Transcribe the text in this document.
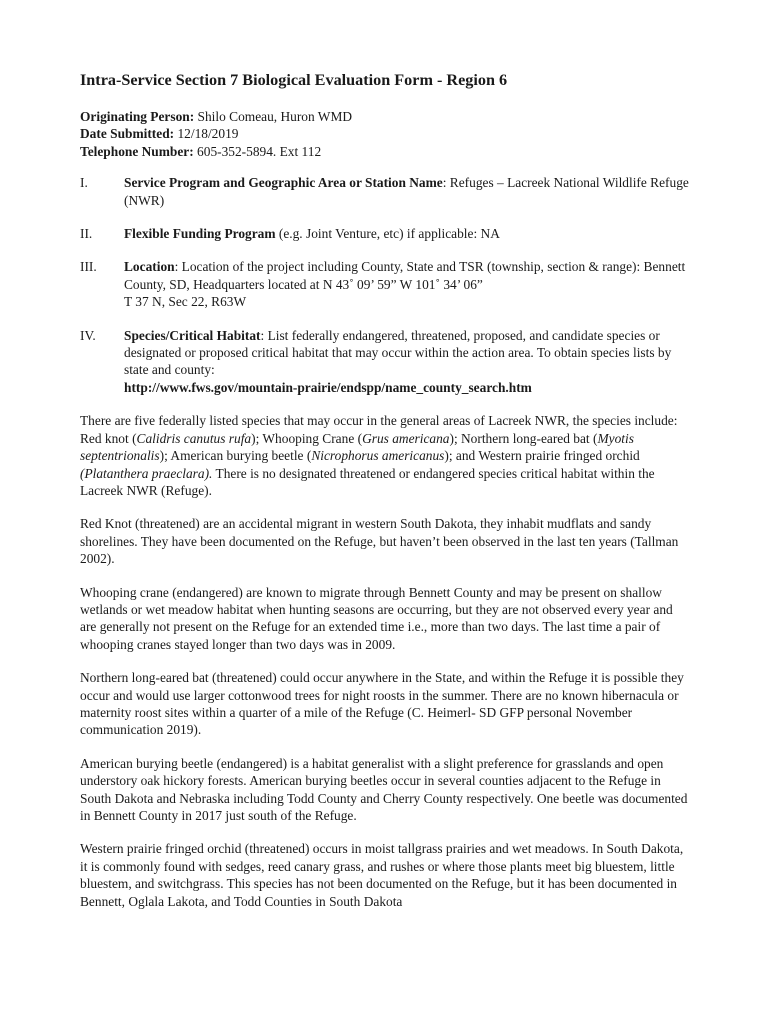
Intra-Service Section 7 Biological Evaluation Form - Region 6
Originating Person: Shilo Comeau, Huron WMD
Date Submitted: 12/18/2019
Telephone Number: 605-352-5894. Ext 112
I.	Service Program and Geographic Area or Station Name: Refuges – Lacreek National Wildlife Refuge (NWR)
II.	Flexible Funding Program (e.g. Joint Venture, etc) if applicable: NA
III.	Location: Location of the project including County, State and TSR (township, section & range): Bennett County, SD, Headquarters located at N 43˚ 09’ 59” W 101˚ 34’ 06”
T 37 N, Sec 22, R63W
IV.	Species/Critical Habitat: List federally endangered, threatened, proposed, and candidate species or designated or proposed critical habitat that may occur within the action area. To obtain species lists by state and county:
http://www.fws.gov/mountain-prairie/endspp/name_county_search.htm

There are five federally listed species that may occur in the general areas of Lacreek NWR, the species include: Red knot (Calidris canutus rufa); Whooping Crane (Grus americana); Northern long-eared bat (Myotis septentrionalis); American burying beetle (Nicrophorus americanus); and Western prairie fringed orchid (Platanthera praeclara). There is no designated threatened or endangered species critical habitat within the Lacreek NWR (Refuge).

Red Knot (threatened) are an accidental migrant in western South Dakota, they inhabit mudflats and sandy shorelines. They have been documented on the Refuge, but haven’t been observed in the last ten years (Tallman 2002).

Whooping crane (endangered) are known to migrate through Bennett County and may be present on shallow wetlands or wet meadow habitat when hunting seasons are occurring, but they are not observed every year and are generally not present on the Refuge for an extended time i.e., more than two days. The last time a pair of whooping cranes stayed longer than two days was in 2009.

Northern long-eared bat (threatened) could occur anywhere in the State, and within the Refuge it is possible they occur and would use larger cottonwood trees for night roosts in the summer. There are no known hibernacula or maternity roost sites within a quarter of a mile of the Refuge (C. Heimerl- SD GFP personal November communication 2019).

American burying beetle (endangered) is a habitat generalist with a slight preference for grasslands and open understory oak hickory forests. American burying beetles occur in several counties adjacent to the Refuge in South Dakota and Nebraska including Todd County and Cherry County respectively. One beetle was documented in Bennett County in 2017 just south of the Refuge.

Western prairie fringed orchid (threatened) occurs in moist tallgrass prairies and wet meadows. In South Dakota, it is commonly found with sedges, reed canary grass, and rushes or where those plants meet big bluestem, little bluestem, and switchgrass. This species has not been documented on the Refuge, but it has been documented in Bennett, Oglala Lakota, and Todd Counties in South Dakota
